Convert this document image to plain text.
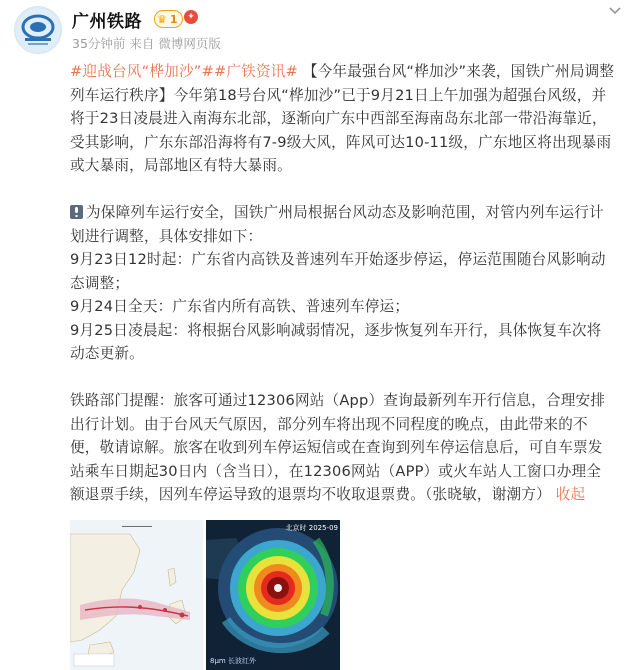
广州铁路 ♛ 1	✦
35分钟前 来自 微博网页版

#迎战台风“桦加沙”##广铁资讯# 【今年最强台风“桦加沙”来袭，国铁广州局调整列车运行秩序】今年第18号台风“桦加沙”已于9月21日上午加强为超强台风级，并将于23日凌晨进入南海东北部，逐渐向广东中西部至海南岛东北部一带沿海靠近，受其影响，广东东部沿海将有7-9级大风，阵风可达10-11级，广东地区将出现暴雨或大暴雨，局部地区有特大暴雨。

为保障列车运行安全，国铁广州局根据台风动态及影响范围，对管内列车运行计划进行调整，具体安排如下：

9月23日12时起：广东省内高铁及普速列车开始逐步停运，停运范围随台风影响动态调整；

9月24日全天：广东省内所有高铁、普速列车停运；

9月25日凌晨起：将根据台风影响减弱情况，逐步恢复列车开行，具体恢复车次将动态更新。

铁路部门提醒：旅客可通过12306网站（App）查询最新列车开行信息，合理安排出行计划。由于台风天气原因，部分列车将出现不同程度的晚点，由此带来的不便，敬请谅解。旅客在收到列车停运短信或在查询到列车停运信息后，可自车票发站乘车日期起30日内（含当日），在12306网站（APP）或火车站人工窗口办理全额退票手续，因列车停运导致的退票均不收取退票费。（张晓敏，谢潮方） 收起

━━━━━━━━━━	北京时 2025-09
8μm 长波红外
